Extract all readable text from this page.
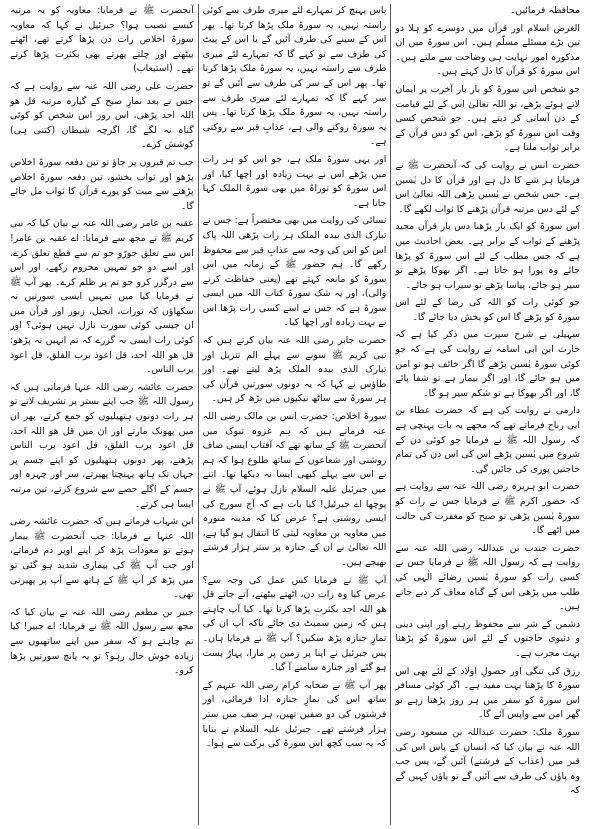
محافظہ فرمائیں۔

الغرض اسلام اور قرآن میں دوسرے کو ہلا دو تین بڑے مسئلے مسلّم ہیں۔ اس سورۃ میں ان مذکورہ امور نہایت ہی وضاحت سے ملتے ہیں۔ اس سورۃ کو قرآن کا دل کہتے ہیں۔

جو شخص اس سورۃ کو بار بار آخرت پر ایمان لاتے ہوئے پڑھے، تو اللہ تعالیٰ اس کے لئے قیامت کے دن آسانی کر دیتے ہیں۔ جو شخص کسی وقت اس سورۃ کو پڑھے، اس کو دس قرآن کے برابر ثواب ملتا ہے۔

حضرت انس نے روایت کی کہ آنحضرت ﷺ نے فرمایا ہر شے کا دل ہے اور قرآن کا دل یٰسین ہے۔ جس شخص نے یٰسین پڑھی اللہ تعالیٰ اس کے لئے دس مرتبہ قرآن پڑھنے کا ثواب لکھے گا۔

اس سورۃ کو ایک بار پڑھنا دس بار قرآن مجید پڑھنے کے ثواب کے برابر ہے۔ بعض احادیث میں ہے کہ جس مطلب کے لئے اس سورۃ کو پڑھا جائے وہ پورا ہو جاتا ہے۔ اگر بھوکا پڑھے تو سیر ہو جائے، پیاسا پڑھے تو سیراب ہو جائے۔

جو کوئی رات کو اللہ کی رضا کے لئے اس سورۃ کو پڑھے گا اس کو بخش دیا جائے گا۔

سہیلی نے شرح سیرت میں ذکر کیا ہے کہ حارث ابن ابی اسامہ نے روایت کی ہے کہ جو کوئی سورۃ یٰسین پڑھے گا اگر خائف ہو تو امن میں ہو جائے گا، اور اگر بیمار ہے تو شفا پائے گا، اور اگر بھوکا ہے تو شکم سیر ہو گا۔

دارمی نے روایت کی ہے کہ حضرت عطاء بن ابی رباح فرماتے تھے کہ مجھے یہ بات پہنچی ہے کہ رسول اللہ ﷺ نے فرمایا جو کوئی دن کے شروع میں یٰسین پڑھے اس کی اس دن کی تمام حاجتیں پوری کی جائیں گی۔

حضرت ابو ہریرہ رضی اللہ عنہ سے روایت ہے کہ حضور اکرم ﷺ نے فرمایا جس نے رات کو سورۃ یٰسین پڑھی تو صبح کو مغفرت کی حالت میں اٹھے گا۔

حضرت جندب بن عبداللہ رضی اللہ عنہ سے روایت ہے کہ رسول اللہ ﷺ نے فرمایا جس نے کسی رات کو سورۃ یٰسین رضائے الٰہی کی طلب میں پڑھی اس کے گناہ معاف کر دیے جاتے ہیں۔

دشمن کے شر سے محفوظ رہنے اور اپنی دینی و دنیوی حاجتوں کے لئے اس سورۃ کو پڑھنا بہت مجرب ہے۔

رزق کی تنگی اور حصولِ اولاد کے لئے بھی اس سورۃ کا پڑھنا بہت مفید ہے۔ اگر کوئی مسافر اس سورۃ کو سفر میں ہر روز پڑھتا رہے تو گھر امن سے واپس آئے گا۔

سورۃ ملک: حضرت عبداللہ بن مسعود رضی اللہ عنہ نے بیان کیا کہ انسان کے پاس اس کی قبر میں (عذاب کے فرشتے) آئیں گے، پس جب وہ پاؤں کی طرف سے آئیں گے تو پاؤں کہیں گے کہ

پاس پہنچ کر تمہارے لئے میری طرف سے کوئی راستہ نہیں، یہ سورۃ ملک پڑھا کرتا تھا۔ پھر اس کے سینے کی طرف آئیں گے یا اس کے پیٹ کی طرف سے تو کہے گا کہ تمہارے لئے میری طرف سے راستہ نہیں، یہ سورۃ ملک پڑھا کرتا تھا۔ پھر اس کے سر کی طرف سے آئیں گے تو سر کہے گا کہ تمہارے لئے میری طرف سے راستہ نہیں، یہ سورۃ ملک پڑھا کرتا تھا۔ پس یہ سورۃ روکنے والی ہے، عذابِ قبر سے روکتی ہے۔

اور یہی سورۃ ملک ہے، جو اس کو ہر رات میں پڑھے اس نے بہت زیادہ اور اچھا کیا، اور اس سورۃ کو توراۃ میں بھی سورۃ الملک کہا جاتا ہے۔

نسائی کی روایت میں بھی مختصراً ہے: جس نے تبارک الذی بیدہ الملک ہر رات پڑھی اللہ پاک اس کو اس کی وجہ سے عذابِ قبر سے محفوظ رکھے گا۔ ہم حضور ﷺ کے زمانہ میں اس سورۃ کو مانعہ کہتے تھے (یعنی حفاظت کرنے والی)، اور یہ شک سورۃ کتاب اللہ میں ایسی سورۃ ہے کہ جس نے اسے کسی رات پڑھا اس نے بہت زیادہ اور اچھا کیا۔

حضرت جابر رضی اللہ عنہ بیان کرتے ہیں کہ نبی کریم ﷺ سونے سے پہلے الم تنزیل اور تبارک الذی بیدہ الملک پڑھ لیتے تھے۔ اور طاؤس نے کہا کہ یہ دونوں سورتیں قرآن کی ہر سورۃ سے ساٹھ نیکیوں میں بڑھ کر ہیں۔

سورۃ اخلاص: حضرت انس بن مالک رضی اللہ عنہ فرماتے ہیں کہ ہم غزوہ تبوک میں آنحضرت ﷺ کے ساتھ تھے کہ آفتاب ایسی صاف روشنی اور شعاعوں کے ساتھ طلوع ہوا کہ ہم نے اس سے پہلے کبھی ایسا نہ دیکھا تھا۔ اتنے میں جبرئیل علیہ السلام نازل ہوئے، آپ ﷺ نے پوچھا اے جبرئیل! کیا بات ہے کہ آج سورج کی ایسی روشنی ہے؟ عرض کیا کہ مدینہ منورہ میں معاویہ بن معاویہ لیثی کا انتقال ہو گیا ہے، اللہ تعالیٰ نے ان کے جنازہ پر ستر ہزار فرشتے بھیجے ہیں۔

آپ ﷺ نے فرمایا کس عمل کی وجہ سے؟ عرض کیا وہ رات دن، اٹھتے بیٹھتے، آتے جاتے قل ھو اللہ احد بکثرت پڑھا کرتا تھا۔ کیا آپ چاہتے ہیں کہ زمین سمیٹ دی جائے تاکہ آپ ان کی نمازِ جنازہ پڑھ سکیں؟ آپ ﷺ نے فرمایا ہاں۔ پس جبرئیل نے اپنا پر زمین پر مارا، پہاڑ پست ہو گئے اور جنازہ سامنے آ گیا۔

پھر آپ ﷺ نے صحابہ کرام رضی اللہ عنہم کے ساتھ اس کی نمازِ جنازہ ادا فرمائی، اور فرشتوں کی دو صفیں تھیں، ہر صف میں ستر ہزار فرشتے تھے۔ جبرئیل علیہ السلام نے بتایا کہ یہ سب کچھ اس سورۃ کی برکت سے ہوا۔

آنحضرت ﷺ نے فرمایا: معاویہ کو یہ مرتبہ کیسے نصیب ہوا؟ جبرئیل نے کہا کہ معاویہ سورۃ اخلاص رات دن پڑھا کرتے تھے، اٹھتے بیٹھتے اور چلتے پھرتے بھی بکثرت پڑھا کرتے تھے۔ (استیعاب)

حضرت علی رضی اللہ عنہ سے روایت ہے کہ جس نے بعد نمازِ صبح کے گیارہ مرتبہ قل ھو اللہ احد پڑھی، اس روز اس شخص کو کوئی گناہ نہ لگے گا، اگرچہ شیطان (کتنی ہی) کوشش کرے۔

جب تم قبروں پر جاؤ تو تین دفعہ سورۃ اخلاص پڑھو اور ثواب بخشو، تین دفعہ سورۃ اخلاص پڑھنے سے میت کو پورے قرآن کا ثواب مل جائے گا۔

عقبہ بن عامر رضی اللہ عنہ نے بیان کیا کہ نبی کریم ﷺ نے مجھ سے فرمایا: اے عقبہ بن عامر! اس سے تعلق جوڑو جو تم سے قطع تعلق کرے، اور اسے دو جو تمہیں محروم رکھے، اور اس سے درگزر کرو جو تم پر ظلم کرے۔ پھر آپ ﷺ نے فرمایا کیا میں تمہیں ایسی سورتیں نہ سکھاؤں کہ تورات، انجیل، زبور اور قرآن میں ان جیسی کوئی سورت نازل نہیں ہوئی؟ اور کوئی رات ایسی نہ گزرے کہ تم انہیں نہ پڑھو: قل ھو اللہ احد، قل اعوذ برب الفلق، قل اعوذ برب الناس۔

حضرت عائشہ رضی اللہ عنہا فرماتی ہیں کہ رسول اللہ ﷺ جب اپنے بستر پر تشریف لاتے تو ہر رات دونوں ہتھیلیوں کو جمع کرتے، پھر ان میں پھونک مارتے اور ان میں قل ھو اللہ احد، قل اعوذ برب الفلق، قل اعوذ برب الناس پڑھتے، پھر دونوں ہتھیلیوں کو اپنے جسم پر جہاں تک ہاتھ پہنچتا پھیرتے، سر اور چہرہ اور جسم کے اگلے حصے سے شروع کرتے، تین مرتبہ ایسا ہی کرتے۔

ابن شہاب فرماتے ہیں کہ حضرت عائشہ رضی اللہ عنہا نے فرمایا: جب آنحضرت ﷺ بیمار ہوتے تو معوذات پڑھ کر اپنے اوپر دم فرماتے، اور جب آپ ﷺ کی بیماری شدید ہو گئی تو میں پڑھ کر آپ ﷺ کے ہاتھ سے آپ پر پھیرتی تھی۔

جبیر بن مطعم رضی اللہ عنہ نے بیان کیا کہ مجھ سے رسول اللہ ﷺ نے فرمایا: اے جبیر! کیا تم چاہتے ہو کہ سفر میں اپنے ساتھیوں سے زیادہ خوش حال رہو؟ تو یہ پانچ سورتیں پڑھا کرو۔
